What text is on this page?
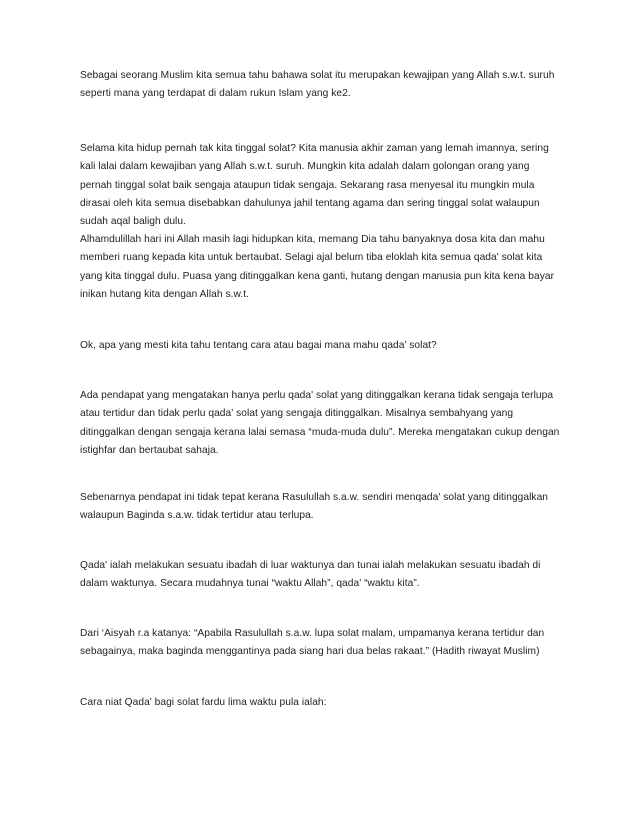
Sebagai seorang Muslim kita semua tahu bahawa solat itu merupakan kewajipan yang Allah s.w.t. suruh seperti mana yang terdapat di dalam rukun Islam yang ke2.

Selama kita hidup pernah tak kita tinggal solat? Kita manusia akhir zaman yang lemah imannya, sering kali lalai dalam kewajiban yang Allah s.w.t. suruh. Mungkin kita adalah dalam golongan orang yang pernah tinggal solat baik sengaja ataupun tidak sengaja. Sekarang rasa menyesal itu mungkin mula dirasai oleh kita semua disebabkan dahulunya jahil tentang agama dan sering tinggal solat walaupun sudah aqal baligh dulu.

Alhamdulillah hari ini Allah masih lagi hidupkan kita, memang Dia tahu banyaknya dosa kita dan mahu memberi ruang kepada kita untuk bertaubat. Selagi ajal belum tiba eloklah kita semua qada' solat kita yang kita tinggal dulu. Puasa yang ditinggalkan kena ganti, hutang dengan manusia pun kita kena bayar inikan hutang kita dengan Allah s.w.t.

Ok, apa yang mesti kita tahu tentang cara atau bagai mana mahu qada’ solat?

Ada pendapat yang mengatakan hanya perlu qada' solat yang ditinggalkan kerana tidak sengaja terlupa atau tertidur dan tidak perlu qada' solat yang sengaja ditinggalkan. Misalnya sembahyang yang ditinggalkan dengan sengaja kerana lalai semasa “muda-muda dulu”. Mereka mengatakan cukup dengan istighfar dan bertaubat sahaja.

Sebenarnya pendapat ini tidak tepat kerana Rasulullah s.a.w. sendiri menqada' solat yang ditinggalkan walaupun Baginda s.a.w. tidak tertidur atau terlupa.

Qada' ialah melakukan sesuatu ibadah di luar waktunya dan tunai ialah melakukan sesuatu ibadah di dalam waktunya. Secara mudahnya tunai “waktu Allah”, qada' “waktu kita”.

Dari ‘Aisyah r.a katanya: “Apabila Rasulullah s.a.w. lupa solat malam, umpamanya kerana tertidur dan sebagainya, maka baginda menggantinya pada siang hari dua belas rakaat.” (Hadith riwayat Muslim)

Cara niat Qada' bagi solat fardu lima waktu pula ialah:
